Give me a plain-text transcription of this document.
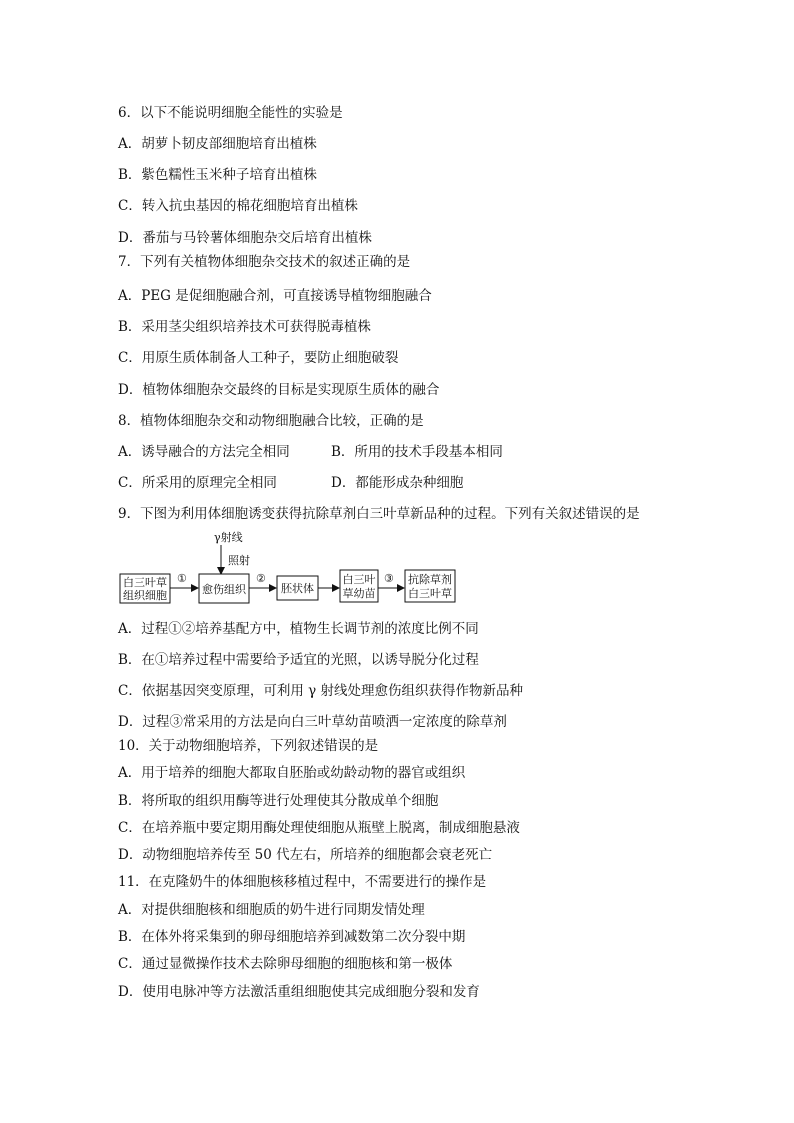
6．以下不能说明细胞全能性的实验是
A．胡萝卜韧皮部细胞培育出植株
B．紫色糯性玉米种子培育出植株
C．转入抗虫基因的棉花细胞培育出植株
D．番茄与马铃薯体细胞杂交后培育出植株
7．下列有关植物体细胞杂交技术的叙述正确的是
A．PEG 是促细胞融合剂，可直接诱导植物细胞融合
B．采用茎尖组织培养技术可获得脱毒植株
C．用原生质体制备人工种子，要防止细胞破裂
D．植物体细胞杂交最终的目标是实现原生质体的融合
8．植物体细胞杂交和动物细胞融合比较，正确的是
A．诱导融合的方法完全相同	B．所用的技术手段基本相同
C．所采用的原理完全相同	D．都能形成杂种细胞
9．下图为利用体细胞诱变获得抗除草剂白三叶草新品种的过程。下列有关叙述错误的是
γ射线
照射
白三叶草
组织细胞
①
愈伤组织
②
胚状体
白三叶
草幼苗
③ 抗除草剂
白三叶草
A．过程①②培养基配方中，植物生长调节剂的浓度比例不同
B．在①培养过程中需要给予适宜的光照，以诱导脱分化过程
C．依据基因突变原理，可利用 γ 射线处理愈伤组织获得作物新品种
D．过程③常采用的方法是向白三叶草幼苗喷洒一定浓度的除草剂
10．关于动物细胞培养，下列叙述错误的是
A．用于培养的细胞大都取自胚胎或幼龄动物的器官或组织
B．将所取的组织用酶等进行处理使其分散成单个细胞
C．在培养瓶中要定期用酶处理使细胞从瓶壁上脱离，制成细胞悬液
D．动物细胞培养传至 50 代左右，所培养的细胞都会衰老死亡
11．在克隆奶牛的体细胞核移植过程中，不需要进行的操作是
A．对提供细胞核和细胞质的奶牛进行同期发情处理
B．在体外将采集到的卵母细胞培养到减数第二次分裂中期
C．通过显微操作技术去除卵母细胞的细胞核和第一极体
D．使用电脉冲等方法激活重组细胞使其完成细胞分裂和发育
